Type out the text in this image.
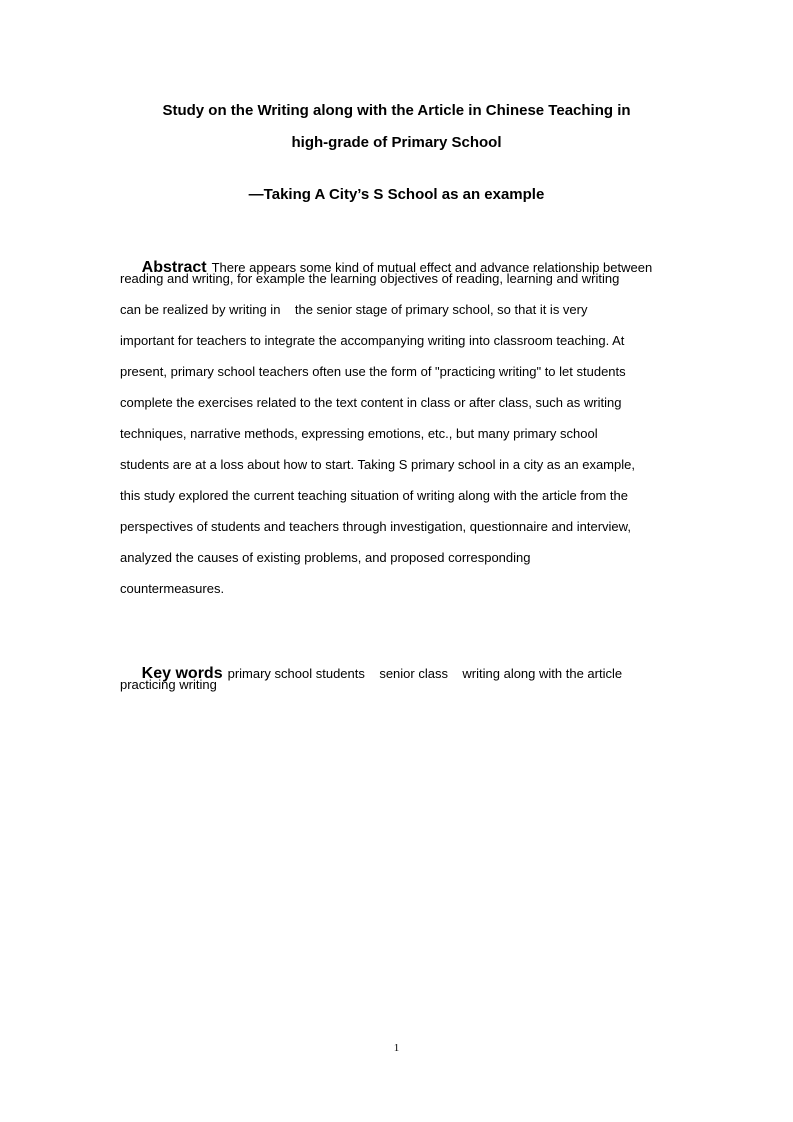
Study on the Writing along with the Article in Chinese Teaching in
high-grade of Primary School
—Taking A City’s S School as an example

Abstract There appears some kind of mutual effect and advance relationship between

reading and writing, for example the learning objectives of reading, learning and writing
can be realized by writing in    the senior stage of primary school, so that it is very
important for teachers to integrate the accompanying writing into classroom teaching. At
present, primary school teachers often use the form of "practicing writing" to let students
complete the exercises related to the text content in class or after class, such as writing
techniques, narrative methods, expressing emotions, etc., but many primary school
students are at a loss about how to start. Taking S primary school in a city as an example,
this study explored the current teaching situation of writing along with the article from the
perspectives of students and teachers through investigation, questionnaire and interview,
analyzed the causes of existing problems, and proposed corresponding
countermeasures.

Key words primary school students    senior class    writing along with the article

practicing writing
1
